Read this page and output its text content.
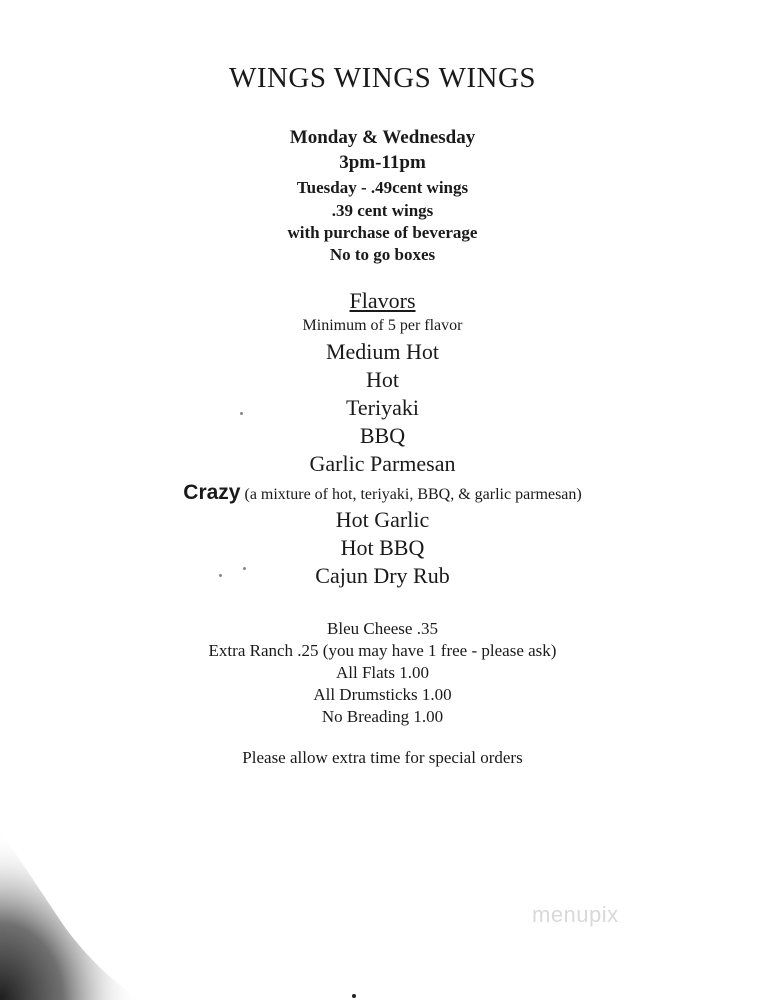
WINGS WINGS WINGS
Monday & Wednesday
3pm-11pm
Tuesday - .49cent wings
.39 cent wings
with purchase of beverage
No to go boxes
Flavors
Minimum of 5 per flavor
Medium Hot
Hot
Teriyaki
BBQ
Garlic Parmesan
Crazy (a mixture of hot, teriyaki, BBQ, & garlic parmesan)
Hot Garlic
Hot BBQ
Cajun Dry Rub
Bleu Cheese .35
Extra Ranch .25 (you may have 1 free - please ask)
All Flats 1.00
All Drumsticks 1.00
No Breading 1.00
Please allow extra time for special orders
menupix
